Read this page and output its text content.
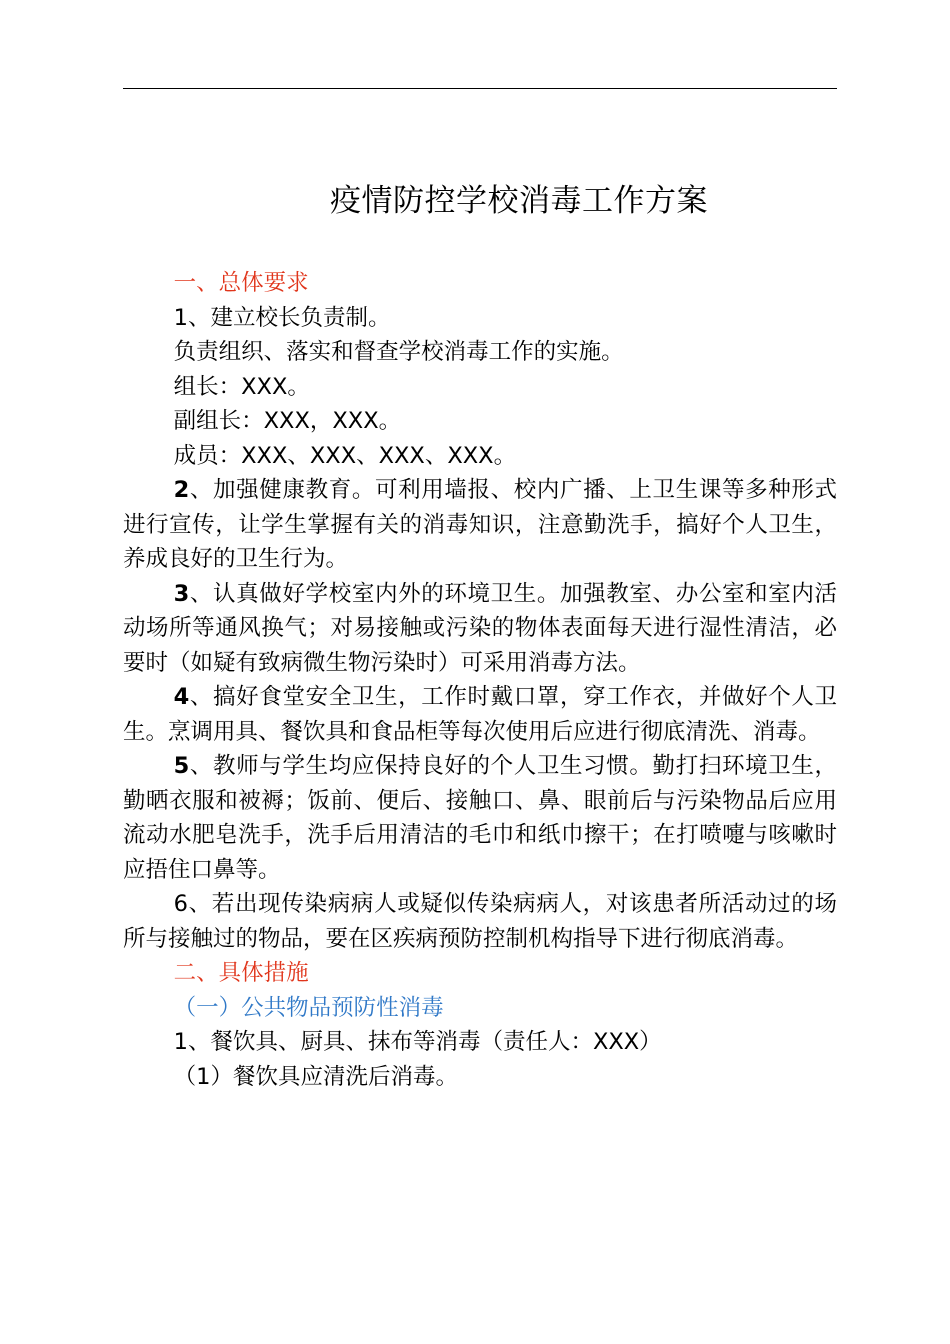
疫情防控学校消毒工作方案

一、总体要求

1、建立校长负责制。

负责组织、落实和督查学校消毒工作的实施。

组长：XXX。

副组长：XXX，XXX。

成员：XXX、XXX、XXX、XXX。

2、加强健康教育。可利用墙报、校内广播、上卫生课等多种形式进行宣传，让学生掌握有关的消毒知识，注意勤洗手，搞好个人卫生，养成良好的卫生行为。

3、认真做好学校室内外的环境卫生。加强教室、办公室和室内活动场所等通风换气；对易接触或污染的物体表面每天进行湿性清洁，必要时（如疑有致病微生物污染时）可采用消毒方法。

4、搞好食堂安全卫生，工作时戴口罩，穿工作衣，并做好个人卫生。烹调用具、餐饮具和食品柜等每次使用后应进行彻底清洗、消毒。

5、教师与学生均应保持良好的个人卫生习惯。勤打扫环境卫生，勤晒衣服和被褥；饭前、便后、接触口、鼻、眼前后与污染物品后应用流动水肥皂洗手，洗手后用清洁的毛巾和纸巾擦干；在打喷嚏与咳嗽时应捂住口鼻等。

6、若出现传染病病人或疑似传染病病人，对该患者所活动过的场所与接触过的物品，要在区疾病预防控制机构指导下进行彻底消毒。

二、具体措施

（一）公共物品预防性消毒

1、餐饮具、厨具、抹布等消毒（责任人：XXX）

（1）餐饮具应清洗后消毒。
